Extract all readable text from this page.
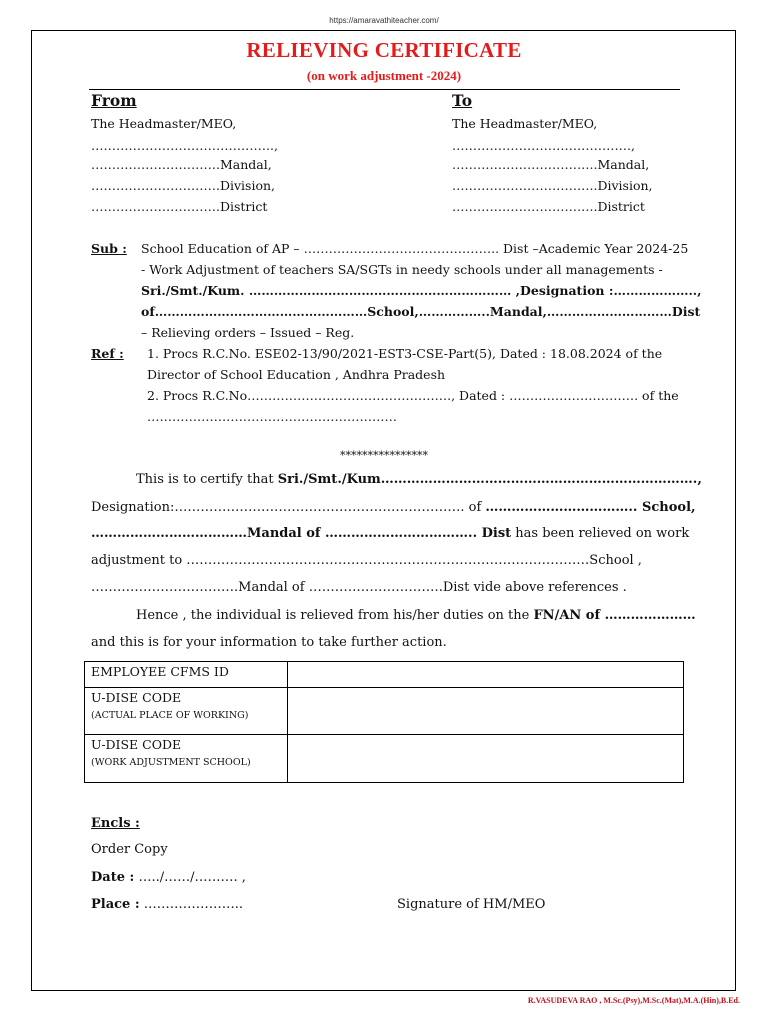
https://amaravathiteacher.com/
RELIEVING CERTIFICATE
(on work adjustment -2024)
From
The Headmaster/MEO,
……………………………………..,
………………………….Mandal,
………………………….Division,
………………………….District
To
The Headmaster/MEO,
…………………………………….,
……………………………..Mandal,
……………………………..Division,
……………………………..District
Sub : School Education of AP – ……………………………………….. Dist –Academic Year 2024-25
- Work Adjustment of teachers SA/SGTs in needy schools under all managements -
Sri./Smt./Kum. ……………………………………………………… ,Designation :………………..,
of……………………………………………School,……………..Mandal,…………………………Dist
– Relieving orders – Issued – Reg.
Ref : 1. Procs R.C.No. ESE02-13/90/2021-EST3-CSE-Part(5), Dated : 18.08.2024 of the
Director of School Education , Andhra Pradesh
2. Procs R.C.No…………………………………………., Dated : …………………………. of the
……………………………………………………
****************
This is to certify that Sri./Smt./Kum……………………………………………………………….,
Designation:…………………………………………………………. of …………………………….. School,
………………………………Mandal of …………………………….. Dist has been relieved on work
adjustment to …………………………………………………………………………………School ,
…………………………….Mandal of ………………………….Dist vide above references .
Hence , the individual is relieved from his/her duties on the FN/AN of …………………
and this is for your information to take further action.
EMPLOYEE CFMS ID	
U-DISE CODE
(ACTUAL PLACE OF WORKING)	

U-DISE CODE
(WORK ADJUSTMENT SCHOOL)	

Encls :
Order Copy
Date : …../……/………. ,
Place : …………………..	Signature of HM/MEO
R.VASUDEVA RAO , M.Sc.(Psy),M.Sc.(Mat),M.A.(Hin),B.Ed.
